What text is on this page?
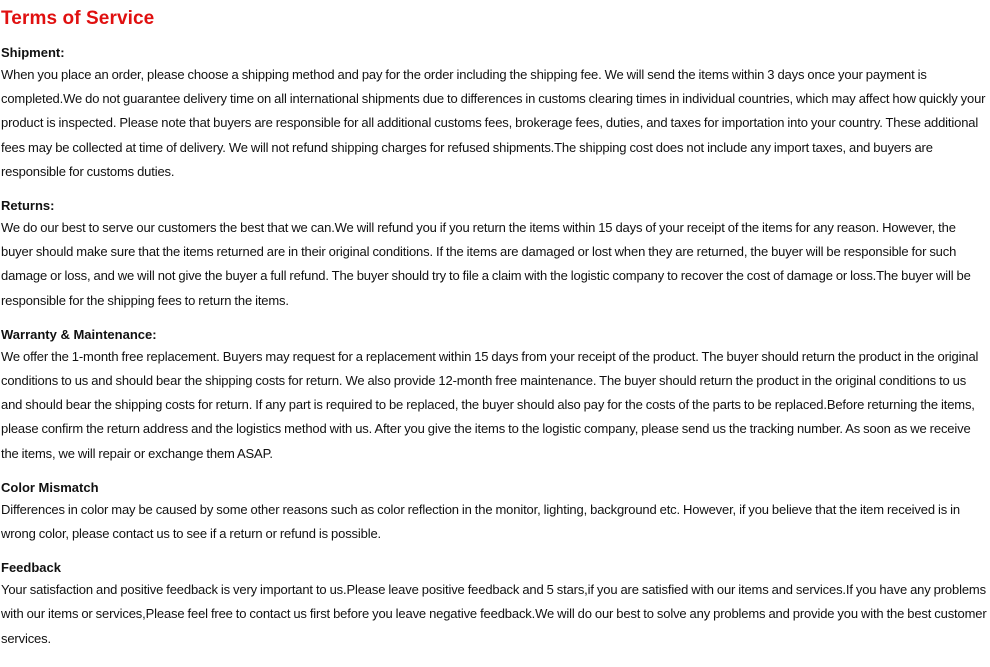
Terms of Service

Shipment:

When you place an order, please choose a shipping method and pay for the order including the shipping fee. We will send the items within 3 days once your payment is completed.We do not guarantee delivery time on all international shipments due to differences in customs clearing times in individual countries, which may affect how quickly your product is inspected. Please note that buyers are responsible for all additional customs fees, brokerage fees, duties, and taxes for importation into your country. These additional fees may be collected at time of delivery. We will not refund shipping charges for refused shipments.The shipping cost does not include any import taxes, and buyers are responsible for customs duties.

Returns:

We do our best to serve our customers the best that we can.We will refund you if you return the items within 15 days of your receipt of the items for any reason. However, the buyer should make sure that the items returned are in their original conditions. If the items are damaged or lost when they are returned, the buyer will be responsible for such damage or loss, and we will not give the buyer a full refund. The buyer should try to file a claim with the logistic company to recover the cost of damage or loss.The buyer will be responsible for the shipping fees to return the items.

Warranty & Maintenance:

We offer the 1-month free replacement. Buyers may request for a replacement within 15 days from your receipt of the product. The buyer should return the product in the original conditions to us and should bear the shipping costs for return. We also provide 12-month free maintenance. The buyer should return the product in the original conditions to us and should bear the shipping costs for return. If any part is required to be replaced, the buyer should also pay for the costs of the parts to be replaced.Before returning the items, please confirm the return address and the logistics method with us. After you give the items to the logistic company, please send us the tracking number. As soon as we receive the items, we will repair or exchange them ASAP.

Color Mismatch

Differences in color may be caused by some other reasons such as color reflection in the monitor, lighting, background etc. However, if you believe that the item received is in wrong color, please contact us to see if a return or refund is possible.

Feedback

Your satisfaction and positive feedback is very important to us.Please leave positive feedback and 5 stars,if you are satisfied with our items and services.If you have any problems with our items or services,Please feel free to contact us first before you leave negative feedback.We will do our best to solve any problems and provide you with the best customer services.
